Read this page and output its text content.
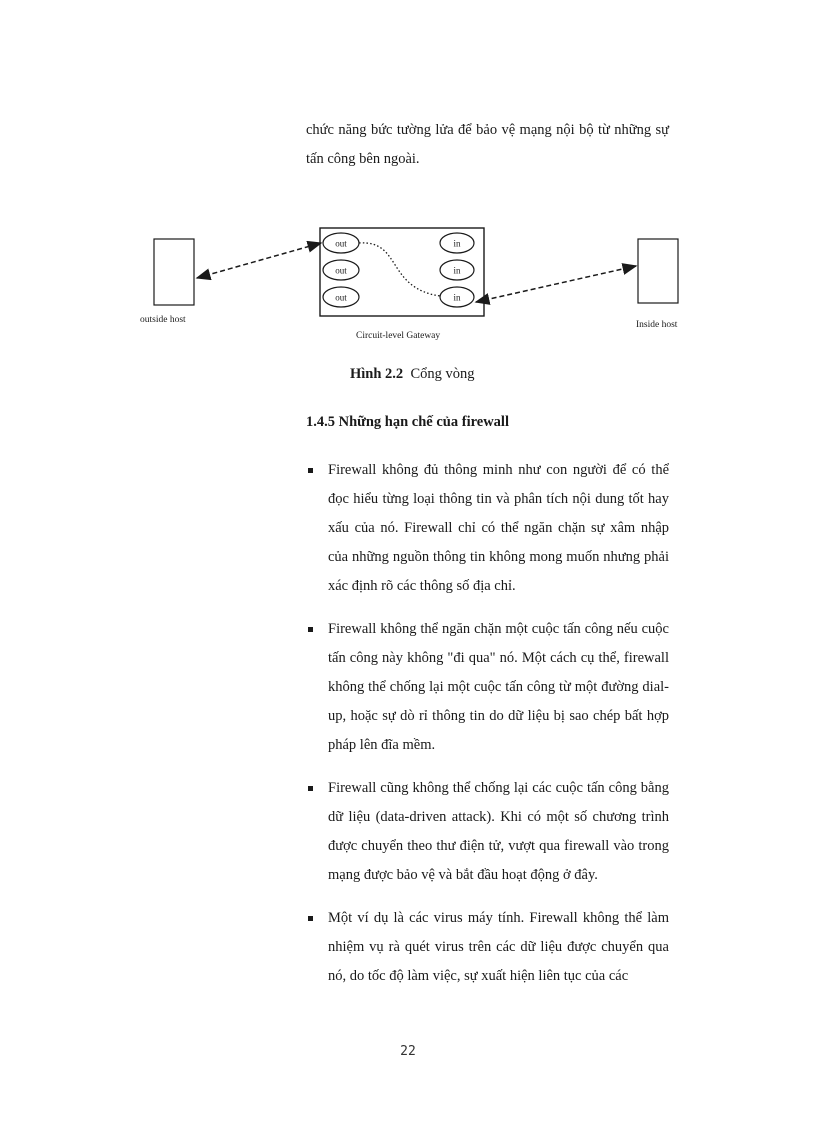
chức năng bức tường lửa để bảo vệ mạng nội bộ từ những sự tấn công bên ngoài.

outside host	Inside host
Circuit-level Gateway
out
out
out
in
in
in

Hình 2.2 Cổng vòng

1.4.5 Những hạn chế của firewall

Firewall không đủ thông minh như con người để có thể đọc hiểu từng loại thông tin và phân tích nội dung tốt hay xấu của nó. Firewall chỉ có thể ngăn chặn sự xâm nhập của những nguồn thông tin không mong muốn nhưng phải xác định rõ các thông số địa chỉ.
Firewall không thể ngăn chặn một cuộc tấn công nếu cuộc tấn công này không "đi qua" nó. Một cách cụ thể, firewall không thể chống lại một cuộc tấn công từ một đường dial-up, hoặc sự dò rỉ thông tin do dữ liệu bị sao chép bất hợp pháp lên đĩa mềm.
Firewall cũng không thể chống lại các cuộc tấn công bằng dữ liệu (data-driven attack). Khi có một số chương trình được chuyển theo thư điện tử, vượt qua firewall vào trong mạng được bảo vệ và bắt đầu hoạt động ở đây.
Một ví dụ là các virus máy tính. Firewall không thể làm nhiệm vụ rà quét virus trên các dữ liệu được chuyển qua nó, do tốc độ làm việc, sự xuất hiện liên tục của các
22
